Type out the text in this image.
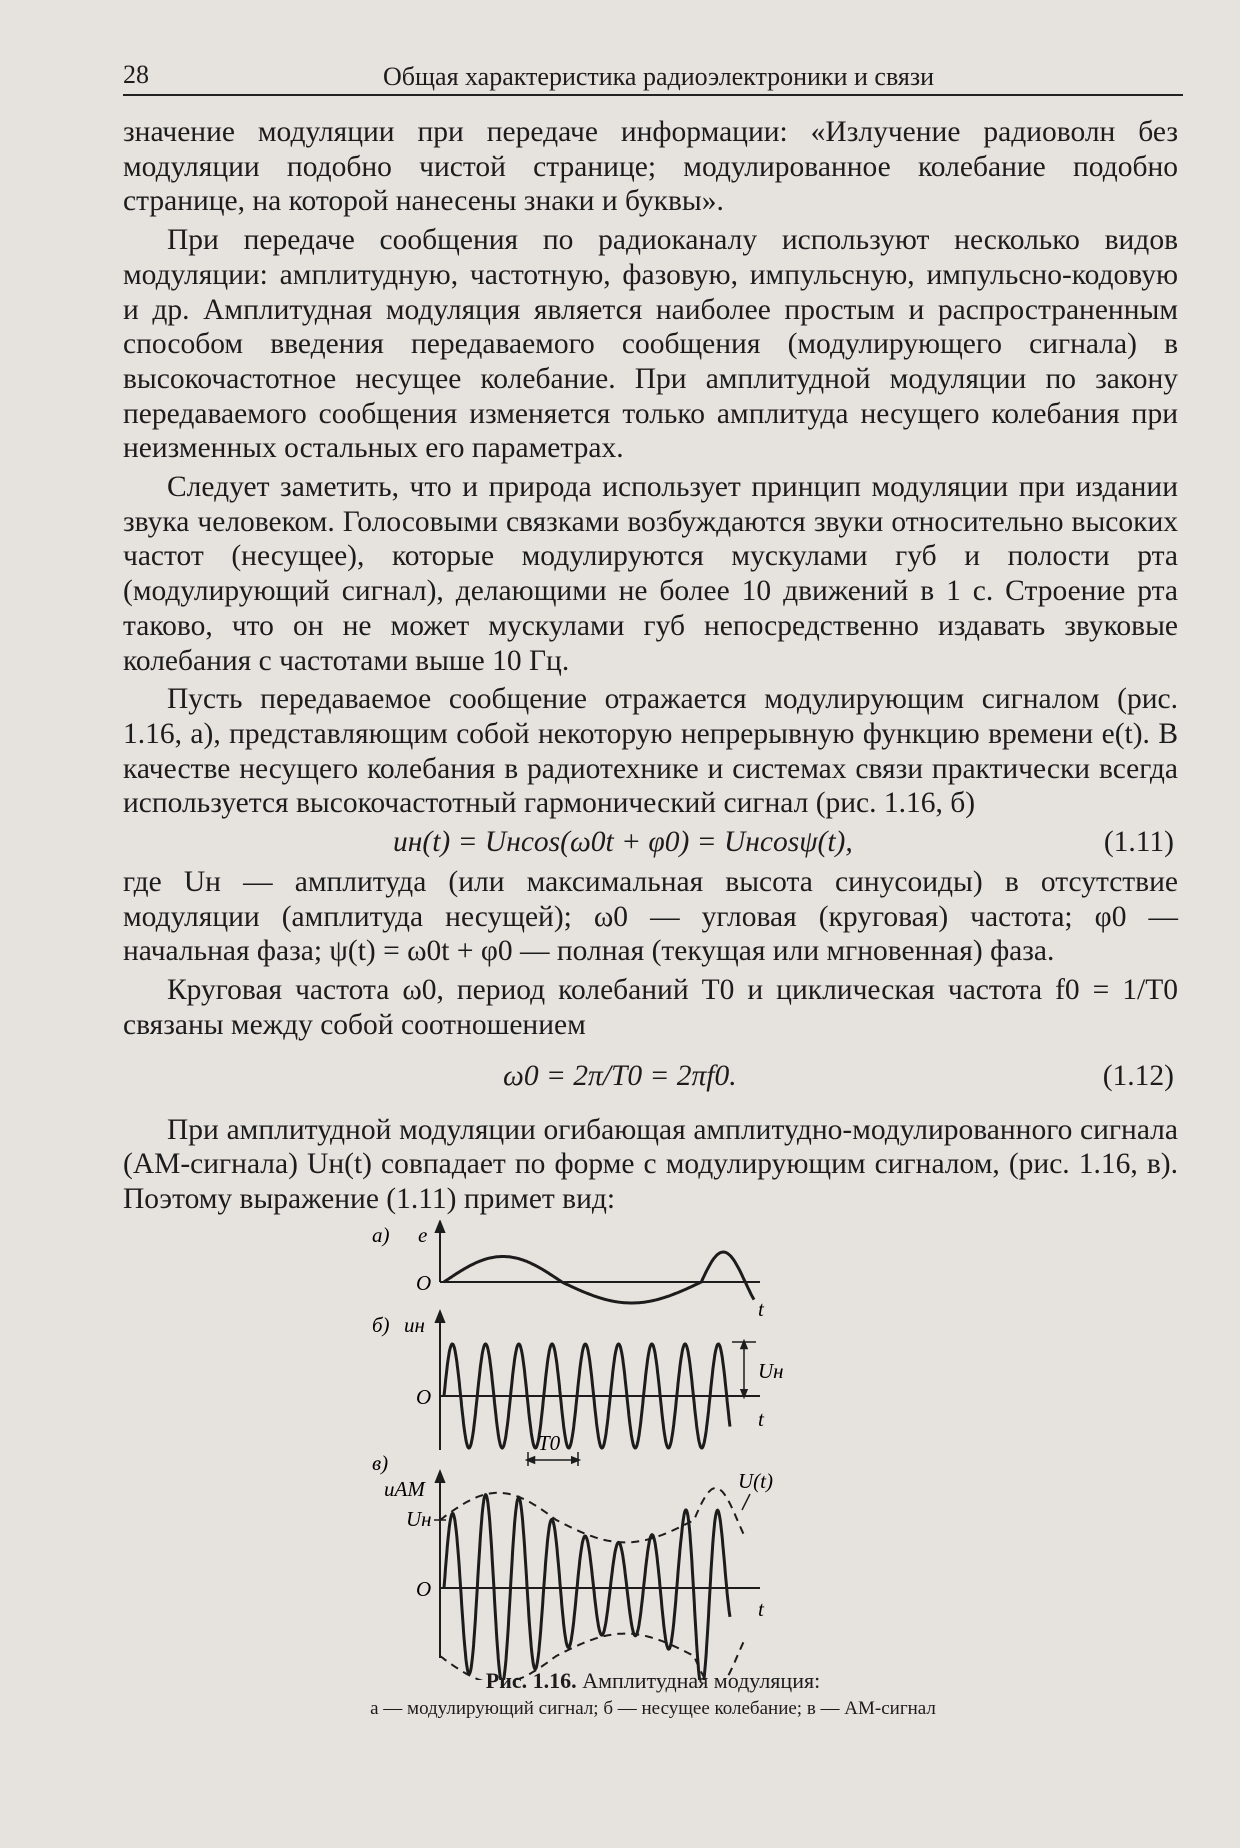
28	Общая характеристика радиоэлектроники и связи

значение модуляции при передаче информации: «Излучение радиоволн без модуляции подобно чистой странице; модулированное колебание подобно странице, на которой нанесены знаки и буквы».

При передаче сообщения по радиоканалу используют несколько видов модуляции: амплитудную, частотную, фазовую, импульсную, импульсно-кодовую и др. Амплитудная модуляция является наиболее простым и распространенным способом введения передаваемого сообщения (модулирующего сигнала) в высокочастотное несущее колебание. При амплитудной модуляции по закону передаваемого сообщения изменяется только амплитуда несущего колебания при неизменных остальных его параметрах.

Следует заметить, что и природа использует принцип модуляции при издании звука человеком. Голосовыми связками возбуждаются звуки относительно высоких частот (несущее), которые модулируются мускулами губ и полости рта (модулирующий сигнал), делающими не более 10 движений в 1 с. Строение рта таково, что он не может мускулами губ непосредственно издавать звуковые колебания с частотами выше 10 Гц.

Пусть передаваемое сообщение отражается модулирующим сигналом (рис. 1.16, а), представляющим собой некоторую непрерывную функцию времени e(t). В качестве несущего колебания в радиотехнике и системах связи практически всегда используется высокочастотный гармонический сигнал (рис. 1.16, б)

uн(t) = Uнcos(ω0t + φ0) = Uнcosψ(t),	(1.11)

где Uн — амплитуда (или максимальная высота синусоиды) в отсутствие модуляции (амплитуда несущей); ω0 — угловая (круговая) частота; φ0 — начальная фаза; ψ(t) = ω0t + φ0 — полная (текущая или мгновенная) фаза.

Круговая частота ω0, период колебаний T0 и циклическая частота f0 = 1/T0 связаны между собой соотношением

ω0 = 2π/T0 = 2πf0.	(1.12)

При амплитудной модуляции огибающая амплитудно-модулированного сигнала (АМ-сигнала) Uн(t) совпадает по форме с модулирующим сигналом, (рис. 1.16, в). Поэтому выражение (1.11) примет вид:

а) e
O
t
б) uн
O
t
Uн
T0
в)
uАМ
O
t
Uн
U(t)
Рис. 1.16. Амплитудная модуляция:
а — модулирующий сигнал; б — несущее колебание; в — АМ-сигнал
